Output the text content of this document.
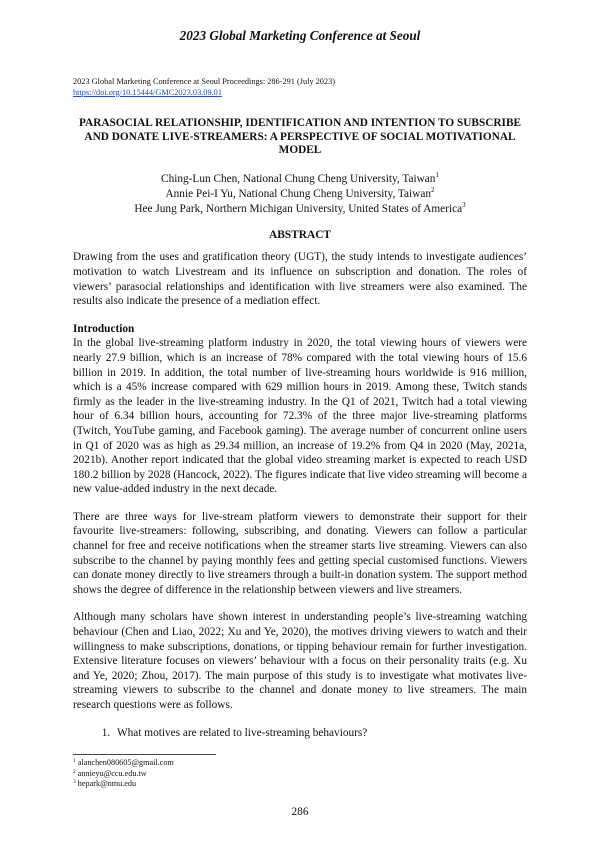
2023 Global Marketing Conference at Seoul
2023 Global Marketing Conference at Seoul Proceedings: 286-291 (July 2023)
https://doi.org/10.15444/GMC2023.03.09.01
PARASOCIAL RELATIONSHIP, IDENTIFICATION AND INTENTION TO SUBSCRIBE AND DONATE LIVE-STREAMERS: A PERSPECTIVE OF SOCIAL MOTIVATIONAL MODEL
Ching-Lun Chen, National Chung Cheng University, Taiwan$^1$
Annie Pei-I Yu, National Chung Cheng University, Taiwan$^2$
Hee Jung Park, Northern Michigan University, United States of America$^3$
ABSTRACT

Drawing from the uses and gratification theory (UGT), the study intends to investigate audiences’ motivation to watch Livestream and its influence on subscription and donation. The roles of viewers’ parasocial relationships and identification with live streamers were also examined. The results also indicate the presence of a mediation effect.

Introduction

In the global live-streaming platform industry in 2020, the total viewing hours of viewers were nearly 27.9 billion, which is an increase of 78% compared with the total viewing hours of 15.6 billion in 2019. In addition, the total number of live-streaming hours worldwide is 916 million, which is a 45% increase compared with 629 million hours in 2019. Among these, Twitch stands firmly as the leader in the live-streaming industry. In the Q1 of 2021, Twitch had a total viewing hour of 6.34 billion hours, accounting for 72.3% of the three major live-streaming platforms (Twitch, YouTube gaming, and Facebook gaming). The average number of concurrent online users in Q1 of 2020 was as high as 29.34 million, an increase of 19.2% from Q4 in 2020 (May, 2021a, 2021b). Another report indicated that the global video streaming market is expected to reach USD 180.2 billion by 2028 (Hancock, 2022). The figures indicate that live video streaming will become a new value-added industry in the next decade.

There are three ways for live-stream platform viewers to demonstrate their support for their favourite live-streamers: following, subscribing, and donating. Viewers can follow a particular channel for free and receive notifications when the streamer starts live streaming. Viewers can also subscribe to the channel by paying monthly fees and getting special customised functions. Viewers can donate money directly to live streamers through a built-in donation system. The support method shows the degree of difference in the relationship between viewers and live streamers.

Although many scholars have shown interest in understanding people’s live-streaming watching behaviour (Chen and Liao, 2022; Xu and Ye, 2020), the motives driving viewers to watch and their willingness to make subscriptions, donations, or tipping behaviour remain for further investigation. Extensive literature focuses on viewers’ behaviour with a focus on their personality traits (e.g. Xu and Ye, 2020; Zhou, 2017). The main purpose of this study is to investigate what motivates live-streaming viewers to subscribe to the channel and donate money to live streamers. The main research questions were as follows.

1. What motives are related to live-streaming behaviours?
$^1$ alanchen080605@gmail.com
$^2$ annieyu@ccu.edu.tw
$^3$ hepark@nmu.edu
286
